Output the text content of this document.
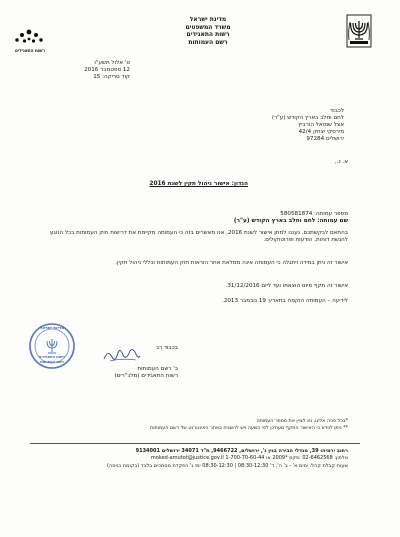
מדינת ישראל
משרד המשפטים
רשות התאגידים
רשם העמותות
רשות התאגידים
ט' אלול תשע"ו
12 ספטמבר 2016
קוד סריקה: 15
לכבוד
לחם וחלב בארץ הקודש (ע"ר)
אצל שמואל הורביץ
מירסקי יצחק 42/4
ירושלים 97284
א. נ.,
הנדון: אישור ניהול תקין לשנת 2016
מספר עמותה: 580581874
שם עמותה: לחם וחלב בארץ הקודש (ע"ר)
בהתאם לבקשתכם, נעננו למתן אישור לשנת 2016, אנו מאשרים בזה כי העמותה מקיימת את דרישות חוק העמותות בכל הנוגע להגשת דוחות, הודעות ופרוטוקולים.
אישור זה ניתן במידה ויתגלה כי העמותה אינה ממלאת אחר הוראות חוק העמותות וכללי ניהול תקין.
אישור זה תקף מיום הוצאתו ועד ליום 31/12/2016.
לידיעה – העמותה הוקמה בתאריך 19 נובמבר 2013.
מדינת ישראל
רשות התאגידים
רשם העמותות
בכבוד רב
ב' רשם העמותות
רשות התאגידים (מלכ"רים)
*בכל פניה אלינו, נא לציין את מספר העמותה
** ניתן לוודא כי האישור התקף מעודכן לפי השעה ויש להשגיח באתר האינטרנט של רשם העמותות
רחוב ירמיהו 39, מגדלי הבירה בנין ג', ירושלים, 9466722, ת"ד 34071 ירושלים 9134001
טלפון: 02-6462568 :פקס *2009 או 1-700-70-60-44 moked-amutot@justice.gov.il
שעות קבלת קהל: ימים א' - ב' ה', ד' 08:30-12:30 | 08:30-12:30 ימי ג' הפקדת מסמכים בלבד (בקומת כניסה)
